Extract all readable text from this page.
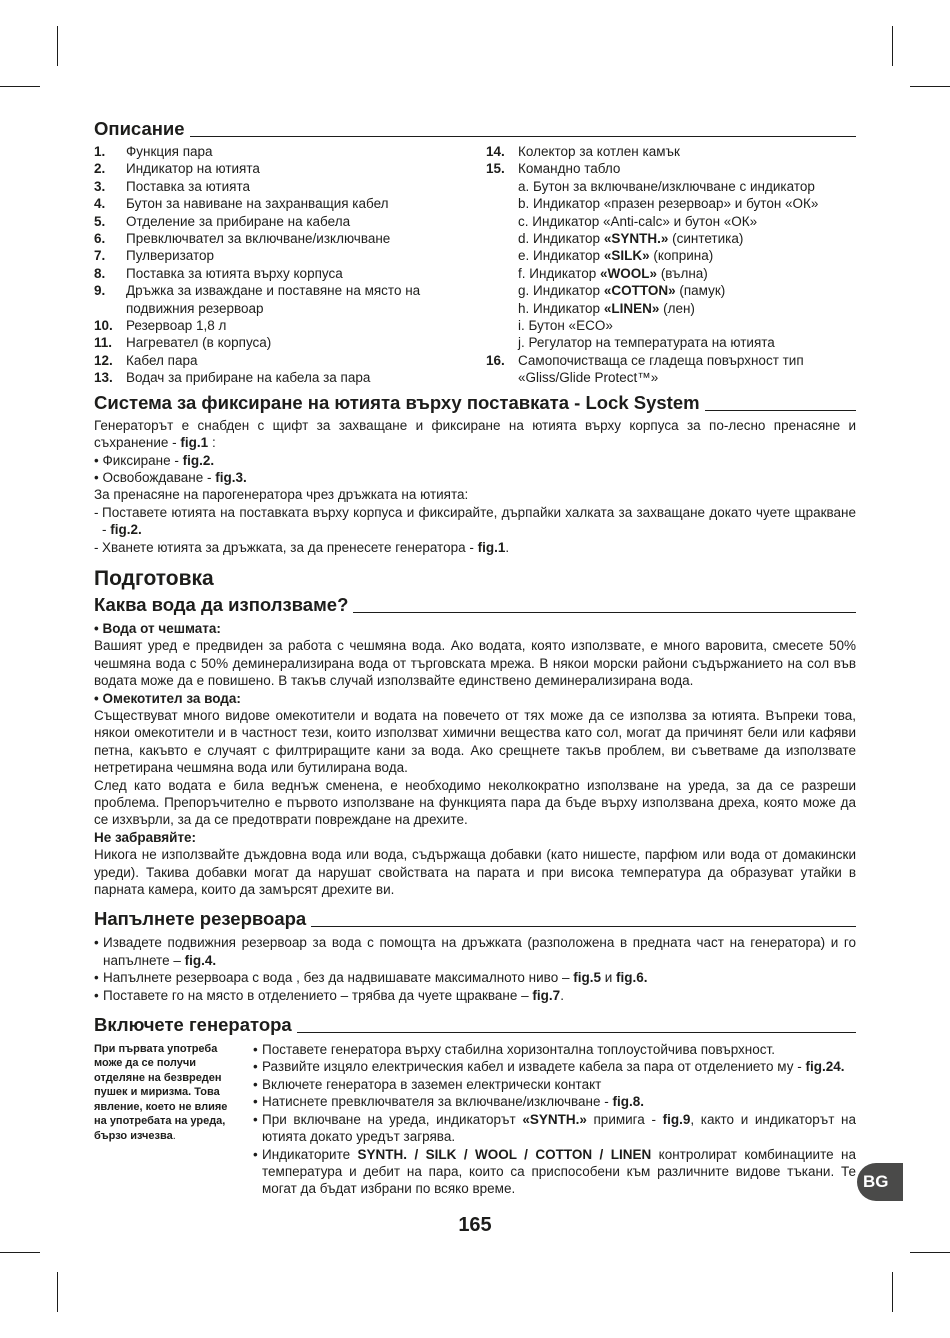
Описание
1.	Функция пара
2.	Индикатор на ютията
3.	Поставка за ютията
4.	Бутон за навиване на захранващия кабел
5.	Отделение за прибиране на кабела
6.	Превключвател за включване/изключване
7.	Пулверизатор
8.	Поставка за ютията върху корпуса
9.	Дръжка за изваждане и поставяне на място на подвижния резервоар
10. Резервоар 1,8 л
11.	Нагревател (в корпуса)
12. Кабел пара
13. Водач за прибиране на кабела за пара
14. Колектор за котлен камък
15. Командно табло
a. Бутон за включване/изключване с индикатор
b. Индикатор «празен резервоар» и бутон «ОК»
c. Индикатор «Anti-calc» и бутон «ОК»
d. Индикатор «SYNTH.» (синтетика)
e. Индикатор «SILK» (коприна)
f. Индикатор «WOOL» (вълна)
g. Индикатор «COTTON» (памук)
h. Индикатор «LINEN» (лен)
i. Бутон «ECO»
j. Регулатор на температурата на ютията
16. Самопочистваща се гладеща повърхност тип «Gliss/Glide Protect™»
Система за фиксиране на ютията върху поставката - Lock System
Генераторът е снабден с щифт за захващане и фиксиране на ютията върху корпуса за по-лесно пренасяне и съхранение - fig.1 :
• Фиксиране - fig.2.
• Освобождаване - fig.3.
За пренасяне на парогенератора чрез дръжката на ютията:
- Поставете ютията на поставката върху корпуса и фиксирайте, дърпайки халката за захващане докато чуете щракване - fig.2.
- Хванете ютията за дръжката, за да пренесете генератора - fig.1.
Подготовка
Каква вода да използваме?
• Вода от чешмата:
Вашият уред е предвиден за работа с чешмяна вода. Ако водата, която използвате, е много варовита, смесете 50% чешмяна вода с 50% деминерализирана вода от търговската мрежа. В някои морски райони съдържанието на сол във водата може да е повишено. В такъв случай използвайте единствено деминерализирана вода.
• Омекотител за вода:
Съществуват много видове омекотители и водата на повечето от тях може да се използва за ютията. Въпреки това, някои омекотители и в частност тези, които използват химични вещества като сол, могат да причинят бели или кафяви петна, какъвто е случаят с филтриращите кани за вода. Ако срещнете такъв проблем, ви съветваме да използвате нетретирана чешмяна вода или бутилирана вода.
След като водата е била веднъж сменена, е необходимо неколкократно използване на уреда, за да се разреши проблема. Препоръчително е първото използване на функцията пара да бъде върху използвана дреха, която може да се изхвърли, за да се предотврати повреждане на дрехите.
Не забравяйте:
Никога не използвайте дъждовна вода или вода, съдържаща добавки (като нишесте, парфюм или вода от домакински уреди). Такива добавки могат да нарушат свойствата на парата и при висока температура да образуват утайки в парната камера, които да замърсят дрехите ви.
Напълнете резервоара
• Извадете подвижния резервоар за вода с помощта на дръжката (разположена в предната част на генератора) и го напълнете – fig.4.
• Напълнете резервоара с вода , без да надвишавате максималното ниво – fig.5 и fig.6.
• Поставете го на място в отделението – трябва да чуете щракване – fig.7.
Включете генератора
При първата употреба може да се получи отделяне на безвреден пушек и миризма. Това явление, което не влияе на употребата на уреда, бързо изчезва.
• Поставете генератора върху стабилна хоризонтална топлоустойчива повърхност.
• Развийте изцяло електрическия кабел и извадете кабела за пара от отделението му - fig.24.
• Включете генератора в заземен електрически контакт
• Натиснете превключвателя за включване/изключване - fig.8.
• При включване на уреда, индикаторът «SYNTH.» примига - fig.9, както и индикаторът на ютията докато уредът загрява.
• Индикаторите SYNTH. / SILK / WOOL / COTTON / LINEN контролират комбинациите на температура и дебит на пара, които са приспособени към различните видове тъкани. Те могат да бъдат избрани по всяко време.
165
BG
